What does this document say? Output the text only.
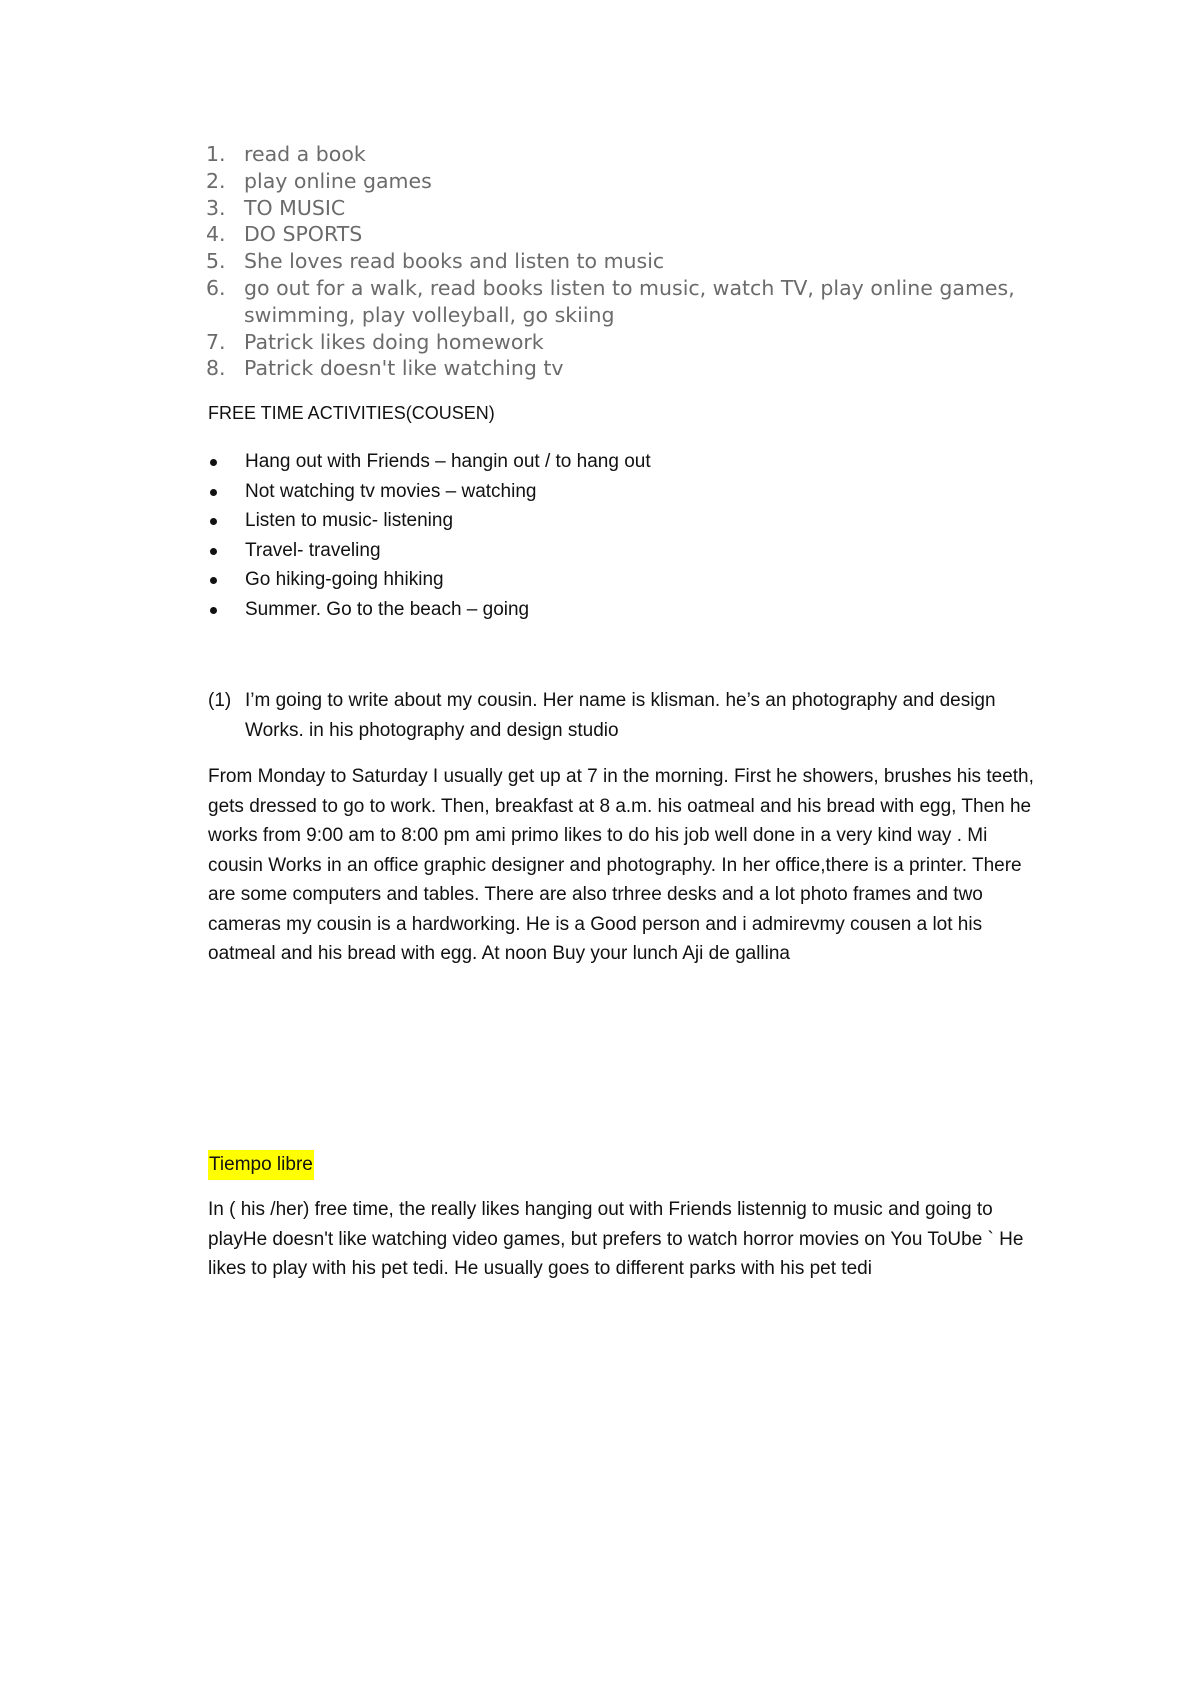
1. read a book
2. play online games
3. TO MUSIC
4. DO SPORTS
5. She loves read books and listen to music
6. go out for a walk, read books listen to music, watch TV, play online games, swimming, play volleyball, go skiing
7. Patrick likes doing homework
8. Patrick doesn't like watching tv
FREE TIME ACTIVITIES(COUSEN)
Hang out with Friends – hangin out / to hang out
Not watching tv movies – watching
Listen to music- listening
Travel- traveling
Go hiking-going hhiking
Summer. Go to the beach – going
(1) I’m going to write about my cousin. Her name is klisman. he’s an photography and design Works. in his photography and design studio

From Monday to Saturday I usually get up at 7 in the morning. First he showers, brushes his teeth, gets dressed to go to work. Then, breakfast at 8 a.m. his oatmeal and his bread with egg, Then he works from 9:00 am to 8:00 pm ami primo likes to do his job well done in a very kind way . Mi cousin Works in an office graphic designer and photography. In her office,there is a printer. There are some computers and tables. There are also trhree desks and a lot photo frames and two cameras my cousin is a hardworking. He is a Good person and i admirevmy cousen a lot his oatmeal and his bread with egg. At noon Buy your lunch Aji de gallina

Tiempo libre

In ( his /her) free time, the really likes hanging out with Friends listennig to music and going to playHe doesn't like watching video games, but prefers to watch horror movies on You ToUbe ` He likes to play with his pet tedi. He usually goes to different parks with his pet tedi
